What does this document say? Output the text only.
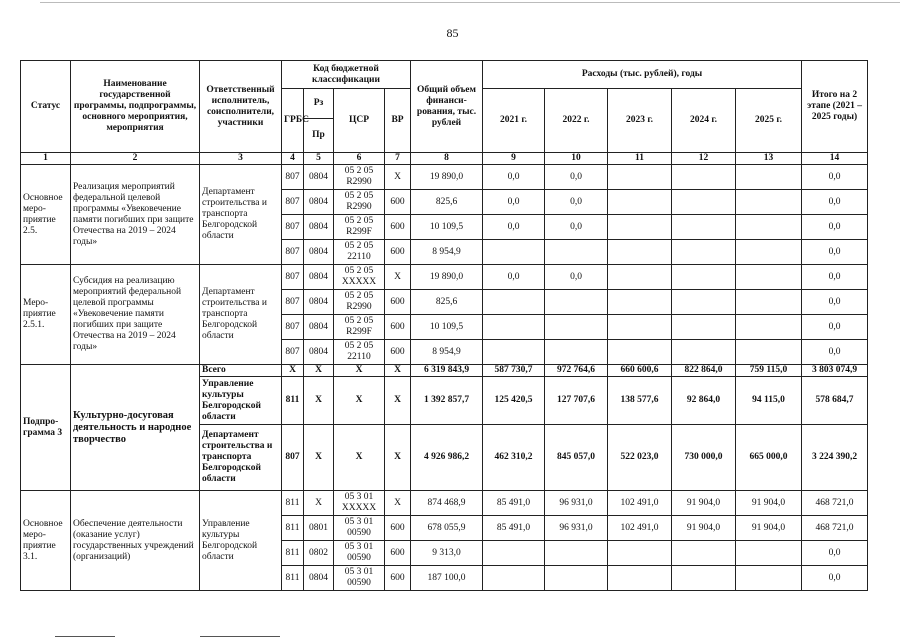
85
Статус	Наименование государственной программы, подпрограммы, основного мероприятия, мероприятия	Ответственный исполнитель, соисполнители, участники	Код бюджетной классификации				Общий объем финанси-рования, тыс. рублей	Расходы (тыс. рублей), годы					Итого на 2 этапе (2021 – 2025 годы)
			ГРБС	Рз	ЦСР	ВР		2021 г.	2022 г.	2023 г.	2024 г.	2025 г.	
				Пр									
1	2	3	4	5	6	7	8	9	10	11	12	13	14
Основное меро-приятие 2.5.	Реализация мероприятий федеральной целевой программы «Увековечение памяти погибших при защите Отечества на 2019 – 2024 годы»	Департамент строительства и транспорта Белгородской области	807	0804	05 2 05 R2990	X	19 890,0	0,0	0,0				0,0
			807	0804	05 2 05 R2990	600	825,6	0,0	0,0				0,0
			807	0804	05 2 05 R299F	600	10 109,5	0,0	0,0				0,0
			807	0804	05 2 05 22110	600	8 954,9						0,0
Меро-приятие 2.5.1.	Субсидия на реализацию мероприятий федеральной целевой программы «Увековечение памяти погибших при защите Отечества на 2019 – 2024 годы»	Департамент строительства и транспорта Белгородской области	807	0804	05 2 05 XXXXX	X	19 890,0	0,0	0,0				0,0
			807	0804	05 2 05 R2990	600	825,6						0,0
			807	0804	05 2 05 R299F	600	10 109,5						0,0
			807	0804	05 2 05 22110	600	8 954,9						0,0
Подпро-грамма 3	Культурно-досуговая деятельность и народное творчество	Всего	X	X	X	X	6 319 843,9	587 730,7	972 764,6	660 600,6	822 864,0	759 115,0	3 803 074,9
		Управление культуры Белгородской области	811	X	X	X	1 392 857,7	125 420,5	127 707,6	138 577,6	92 864,0	94 115,0	578 684,7
		Департамент строительства и транспорта Белгородской области	807	X	X	X	4 926 986,2	462 310,2	845 057,0	522 023,0	730 000,0	665 000,0	3 224 390,2
Основное меро-приятие 3.1.	Обеспечение деятельности (оказание услуг) государственных учреждений (организаций)	Управление культуры Белгородской области	811	X	05 3 01 XXXXX	X	874 468,9	85 491,0	96 931,0	102 491,0	91 904,0	91 904,0	468 721,0
			811	0801	05 3 01 00590	600	678 055,9	85 491,0	96 931,0	102 491,0	91 904,0	91 904,0	468 721,0
			811	0802	05 3 01 00590	600	9 313,0						0,0
			811	0804	05 3 01 00590	600	187 100,0						0,0
